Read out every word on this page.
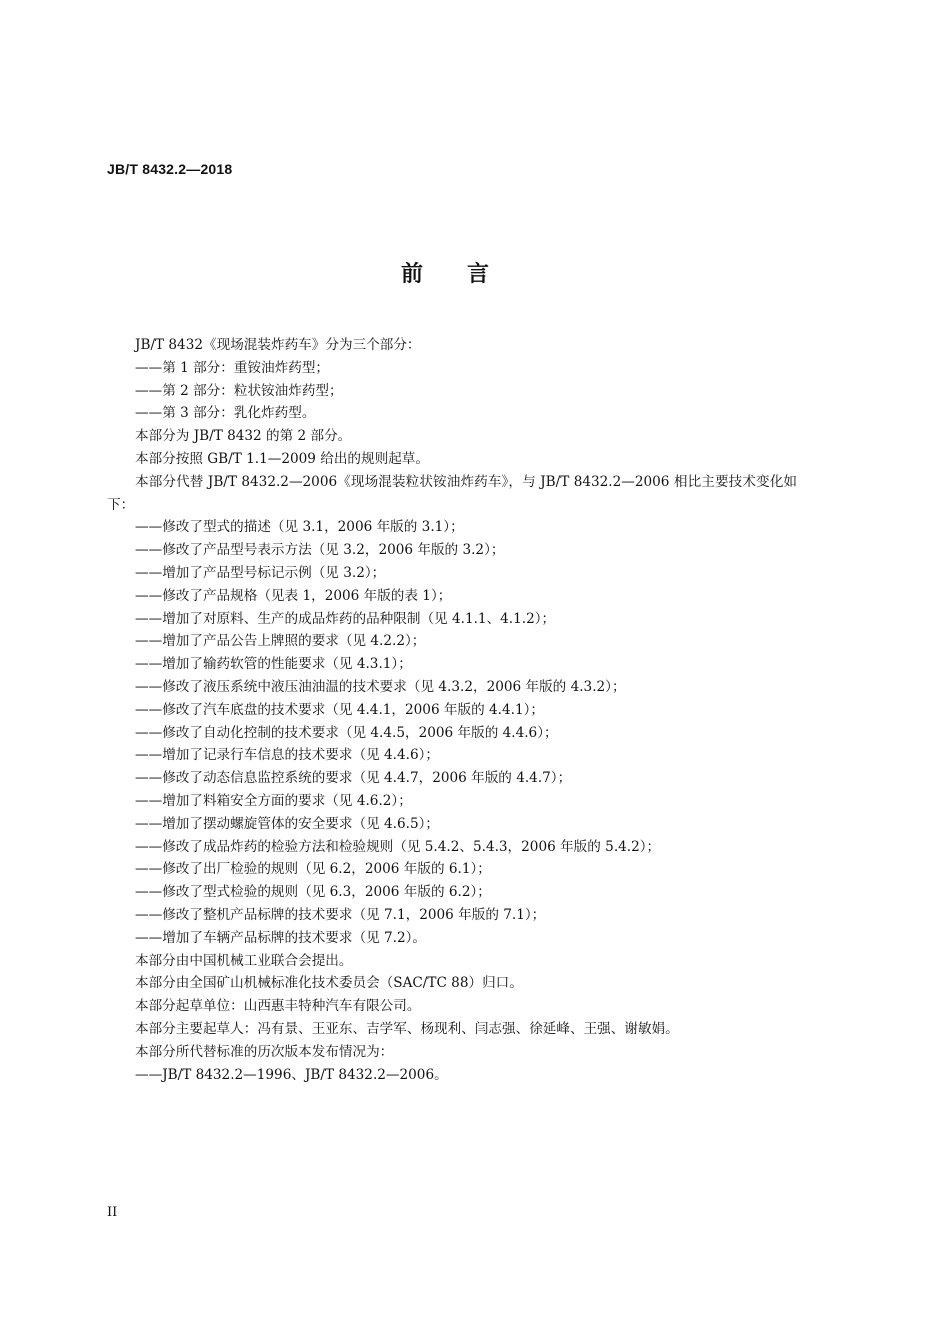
JB/T 8432.2—2018
前 言

JB/T 8432《现场混装炸药车》分为三个部分：

——第 1 部分：重铵油炸药型；

——第 2 部分：粒状铵油炸药型；

——第 3 部分：乳化炸药型。

本部分为 JB/T 8432 的第 2 部分。

本部分按照 GB/T 1.1—2009 给出的规则起草。

本部分代替 JB/T 8432.2—2006《现场混装粒状铵油炸药车》，与 JB/T 8432.2—2006 相比主要技术变化如下：

——修改了型式的描述（见 3.1，2006 年版的 3.1）；

——修改了产品型号表示方法（见 3.2，2006 年版的 3.2）；

——增加了产品型号标记示例（见 3.2）；

——修改了产品规格（见表 1，2006 年版的表 1）；

——增加了对原料、生产的成品炸药的品种限制（见 4.1.1、4.1.2）；

——增加了产品公告上牌照的要求（见 4.2.2）；

——增加了输药软管的性能要求（见 4.3.1）；

——修改了液压系统中液压油油温的技术要求（见 4.3.2，2006 年版的 4.3.2）；

——修改了汽车底盘的技术要求（见 4.4.1，2006 年版的 4.4.1）；

——修改了自动化控制的技术要求（见 4.4.5，2006 年版的 4.4.6）；

——增加了记录行车信息的技术要求（见 4.4.6）；

——修改了动态信息监控系统的要求（见 4.4.7，2006 年版的 4.4.7）；

——增加了料箱安全方面的要求（见 4.6.2）；

——增加了摆动螺旋管体的安全要求（见 4.6.5）；

——修改了成品炸药的检验方法和检验规则（见 5.4.2、5.4.3，2006 年版的 5.4.2）；

——修改了出厂检验的规则（见 6.2，2006 年版的 6.1）；

——修改了型式检验的规则（见 6.3，2006 年版的 6.2）；

——修改了整机产品标牌的技术要求（见 7.1，2006 年版的 7.1）；

——增加了车辆产品标牌的技术要求（见 7.2）。

本部分由中国机械工业联合会提出。

本部分由全国矿山机械标准化技术委员会（SAC/TC 88）归口。

本部分起草单位：山西惠丰特种汽车有限公司。

本部分主要起草人：冯有景、王亚东、吉学军、杨现利、闫志强、徐延峰、王强、谢敏娟。

本部分所代替标准的历次版本发布情况为：

——JB/T 8432.2—1996、JB/T 8432.2—2006。

II
